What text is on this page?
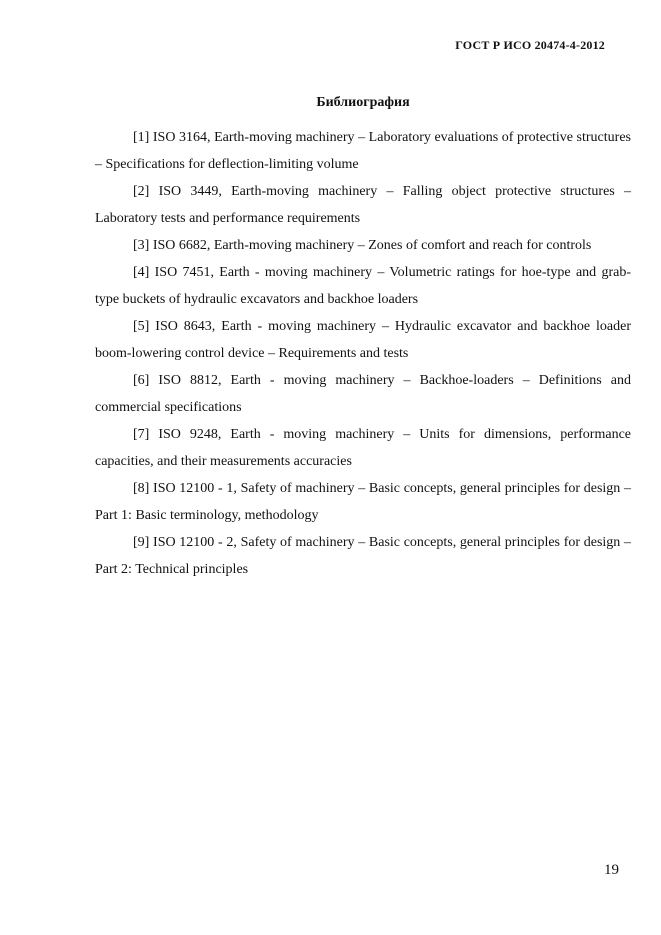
ГОСТ Р ИСО 20474-4-2012
Библиография
[1] ISO 3164, Earth-moving machinery – Laboratory evaluations of protective structures – Specifications for deflection-limiting volume
[2] ISO 3449, Earth-moving machinery – Falling object protective structures – Laboratory tests and performance requirements
[3] ISO 6682, Earth-moving machinery – Zones of comfort and reach for controls
[4] ISO 7451, Earth - moving machinery – Volumetric ratings for hoe-type and grab-type buckets of hydraulic excavators and backhoe loaders
[5] ISO 8643, Earth - moving machinery – Hydraulic excavator and backhoe loader boom-lowering control device – Requirements and tests
[6] ISO 8812, Earth - moving machinery – Backhoe-loaders – Definitions and commercial specifications
[7] ISO 9248, Earth - moving machinery – Units for dimensions, performance capacities, and their measurements accuracies
[8] ISO 12100 - 1, Safety of machinery – Basic concepts, general principles for design – Part 1: Basic terminology, methodology
[9] ISO 12100 - 2, Safety of machinery – Basic concepts, general principles for design – Part 2: Technical principles
19
